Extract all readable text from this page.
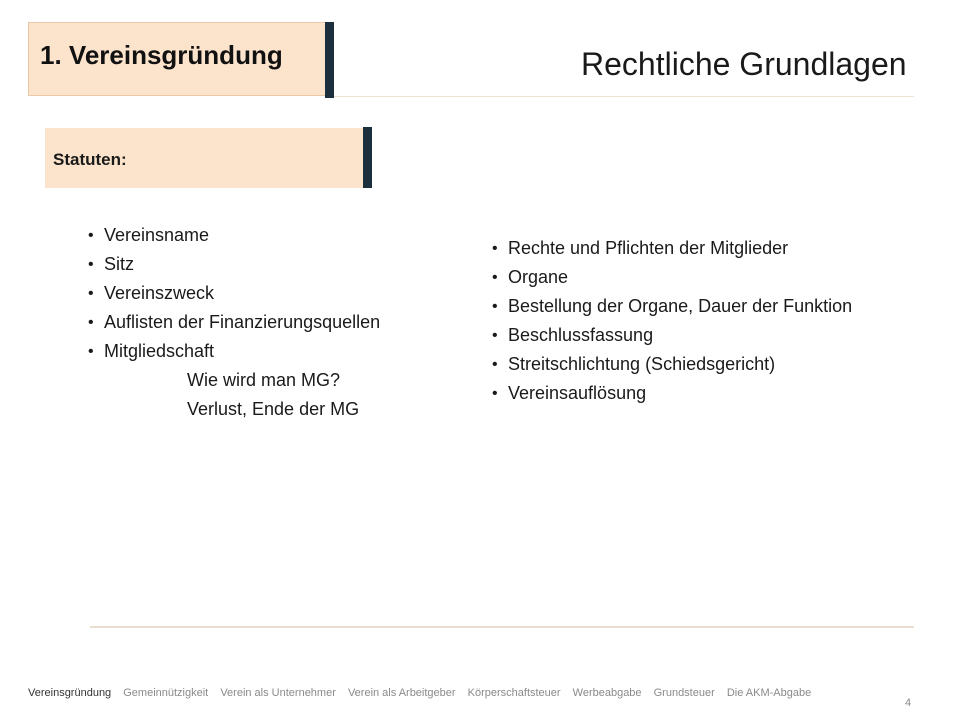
1. Vereinsgründung	Rechtliche Grundlagen
Statuten:
• Vereinsname
• Sitz
• Vereinszweck
• Auflisten der Finanzierungsquellen
• Mitgliedschaft
Wie wird man MG?
Verlust, Ende der MG
• Rechte und Pflichten der Mitglieder
• Organe
• Bestellung der Organe, Dauer der Funktion
• Beschlussfassung
• Streitschlichtung (Schiedsgericht)
• Vereinsauflösung
Vereinsgründung Gemeinnützigkeit Verein als Unternehmer Verein als Arbeitgeber Körperschaftsteuer Werbeabgabe Grundsteuer Die AKM-Abgabe
4
